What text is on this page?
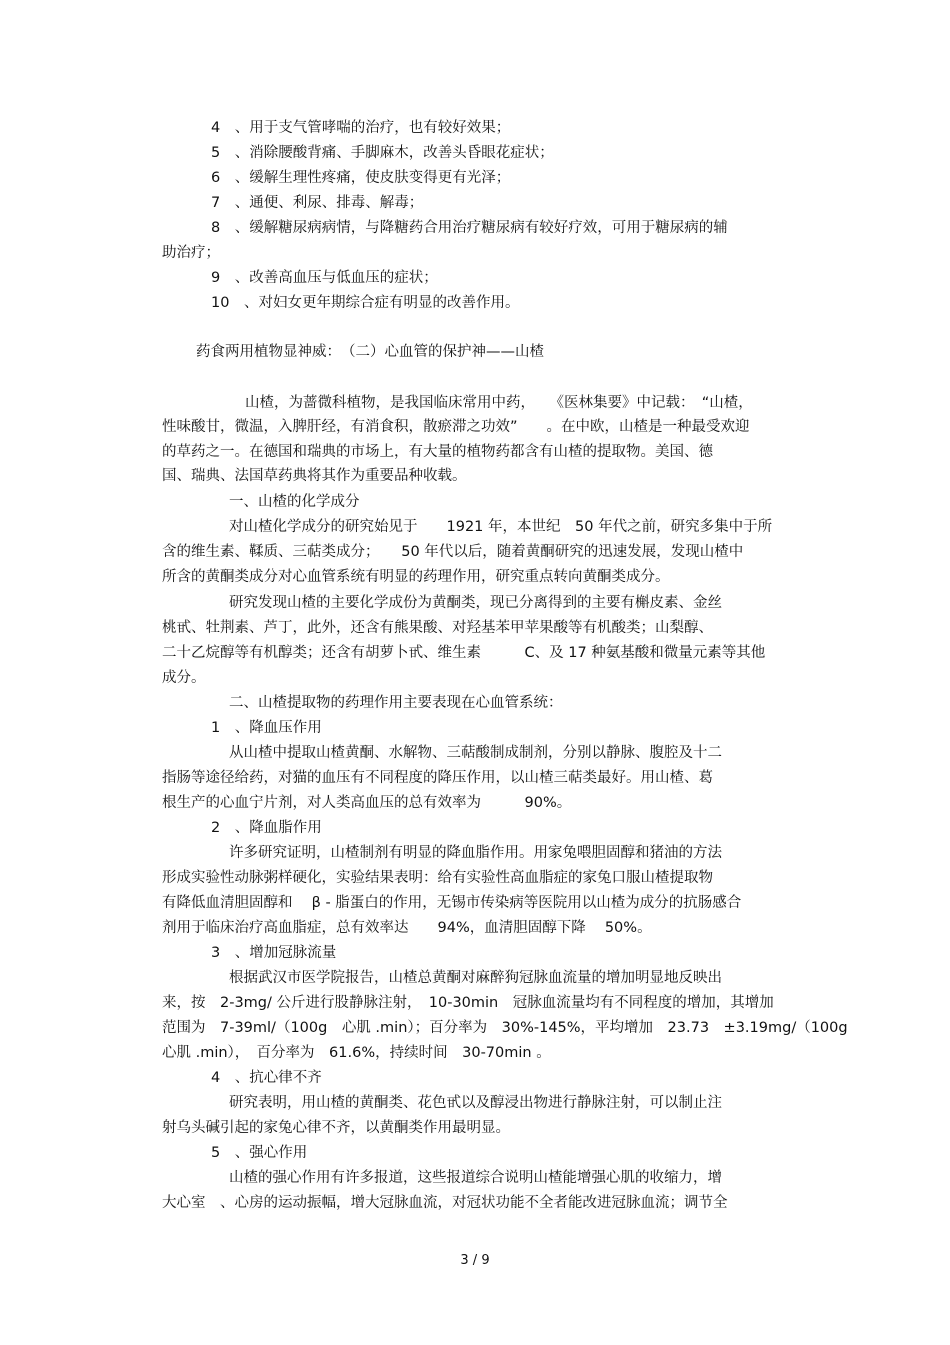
4　、用于支气管哮喘的治疗，也有较好效果；
5　、消除腰酸背痛、手脚麻木，改善头昏眼花症状；
6　、缓解生理性疼痛，使皮肤变得更有光泽；
7　、通便、利尿、排毒、解毒；
8　、缓解糖尿病病情，与降糖药合用治疗糖尿病有较好疗效，可用于糖尿病的辅
助治疗；
9　、改善高血压与低血压的症状；
10　、对妇女更年期综合症有明显的改善作用。
药食两用植物显神威：　（二）心血管的保护神——山楂
山楂，为蔷微科植物，是我国临床常用中药，　　《医林集要》中记载：　“山楂，
性味酸甘，微温，入脾肝经，有消食积，散瘀滞之功效”　　。在中欧，山楂是一种最受欢迎
的草药之一。在德国和瑞典的市场上，有大量的植物药都含有山楂的提取物。美国、德
国、瑞典、法国草药典将其作为重要品种收载。
一、山楂的化学成分
对山楂化学成分的研究始见于　　1921 年，本世纪　50 年代之前，研究多集中于所
含的维生素、鞣质、三萜类成分；　　50 年代以后，随着黄酮研究的迅速发展，发现山楂中
所含的黄酮类成分对心血管系统有明显的药理作用，研究重点转向黄酮类成分。
研究发现山楂的主要化学成份为黄酮类，现已分离得到的主要有槲皮素、金丝
桃甙、牡荆素、芦丁，此外，还含有熊果酸、对羟基苯甲苹果酸等有机酸类；山梨醇、
二十乙烷醇等有机醇类；还含有胡萝卜甙、维生素　　　C、及 17 种氨基酸和微量元素等其他
成分。
二、山楂提取物的药理作用主要表现在心血管系统：
1　、降血压作用
从山楂中提取山楂黄酮、水解物、三萜酸制成制剂，分别以静脉、腹腔及十二
指肠等途径给药，对猫的血压有不同程度的降压作用，以山楂三萜类最好。用山楂、葛
根生产的心血宁片剂，对人类高血压的总有效率为　　　90%。
2　、降血脂作用
许多研究证明，山楂制剂有明显的降血脂作用。用家兔喂胆固醇和猪油的方法
形成实验性动脉粥样硬化，实验结果表明：给有实验性高血脂症的家兔口服山楂提取物
有降低血清胆固醇和　 β - 脂蛋白的作用，无锡市传染病等医院用以山楂为成分的抗肠感合
剂用于临床治疗高血脂症，总有效率达　　94%，血清胆固醇下降　 50%。
3　、增加冠脉流量
根据武汉市医学院报告，山楂总黄酮对麻醉狗冠脉血流量的增加明显地反映出
来，按　2-3mg/ 公斤进行股静脉注射，　10-30min　冠脉血流量均有不同程度的增加，其增加
范围为　7-39ml/（100g　心肌 .min）；百分率为　30%-145%，平均增加　23.73　±3.19mg/（100g
心肌 .min），　百分率为　61.6%，持续时间　30-70min 。
4　、抗心律不齐
研究表明，用山楂的黄酮类、花色甙以及醇浸出物进行静脉注射，可以制止注
射乌头碱引起的家兔心律不齐，以黄酮类作用最明显。
5　、强心作用
山楂的强心作用有许多报道，这些报道综合说明山楂能增强心肌的收缩力，增
大心室　、心房的运动振幅，增大冠脉血流，对冠状功能不全者能改进冠脉血流；调节全
3 / 9
